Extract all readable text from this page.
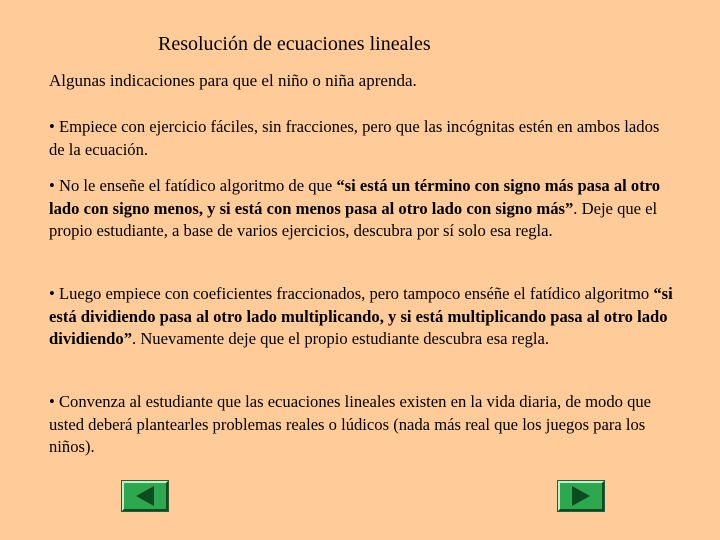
Resolución de ecuaciones lineales
Algunas indicaciones para que el niño o niña aprenda.
• Empiece con ejercicio fáciles, sin fracciones, pero que las incógnitas estén en ambos lados de la ecuación.
• No le enseñe el fatídico algoritmo de que “si está un término con signo más pasa al otro lado con signo menos, y si está con menos pasa al otro lado con signo más”. Deje que el propio estudiante, a base de varios ejercicios, descubra por sí solo esa regla.
• Luego empiece con coeficientes fraccionados, pero tampoco enséñe el fatídico algoritmo “si está dividiendo pasa al otro lado multiplicando, y si está multiplicando pasa al otro lado dividiendo”. Nuevamente deje que el propio estudiante descubra esa regla.
• Convenza al estudiante que las ecuaciones lineales existen en la vida diaria, de modo que usted deberá plantearles problemas reales o lúdicos (nada más real que los juegos para los niños).
